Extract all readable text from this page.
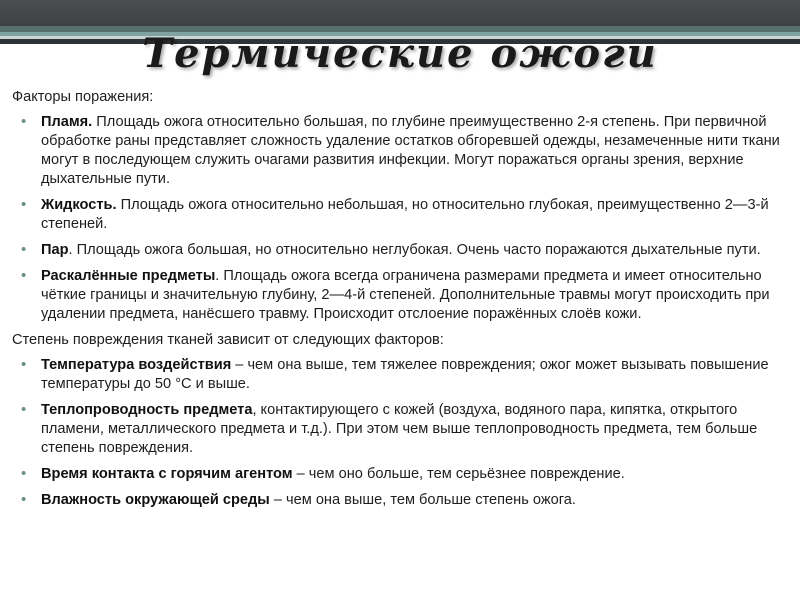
Термические ожоги

Факторы поражения:

• Пламя. Площадь ожога относительно большая, по глубине преимущественно 2-я степень. При первичной обработке раны представляет сложность удаление остатков обгоревшей одежды, незамеченные нити ткани могут в последующем служить очагами развития инфекции. Могут поражаться органы зрения, верхние дыхательные пути.
• Жидкость. Площадь ожога относительно небольшая, но относительно глубокая, преимущественно 2—3-й степеней.
• Пар. Площадь ожога большая, но относительно неглубокая. Очень часто поражаются дыхательные пути.
• Раскалённые предметы. Площадь ожога всегда ограничена размерами предмета и имеет относительно чёткие границы и значительную глубину, 2—4-й степеней. Дополнительные травмы могут происходить при удалении предмета, нанёсшего травму. Происходит отслоение поражённых слоёв кожи.

Степень повреждения тканей зависит от следующих факторов:

• Температура воздействия – чем она выше, тем тяжелее повреждения; ожог может вызывать повышение температуры до 50 °С и выше.
• Теплопроводность предмета, контактирующего с кожей (воздуха, водяного пара, кипятка, открытого пламени, металлического предмета и т.д.). При этом чем выше теплопроводность предмета, тем больше степень повреждения.
• Время контакта с горячим агентом – чем оно больше, тем серьёзнее повреждение.
• Влажность окружающей среды – чем она выше, тем больше степень ожога.
